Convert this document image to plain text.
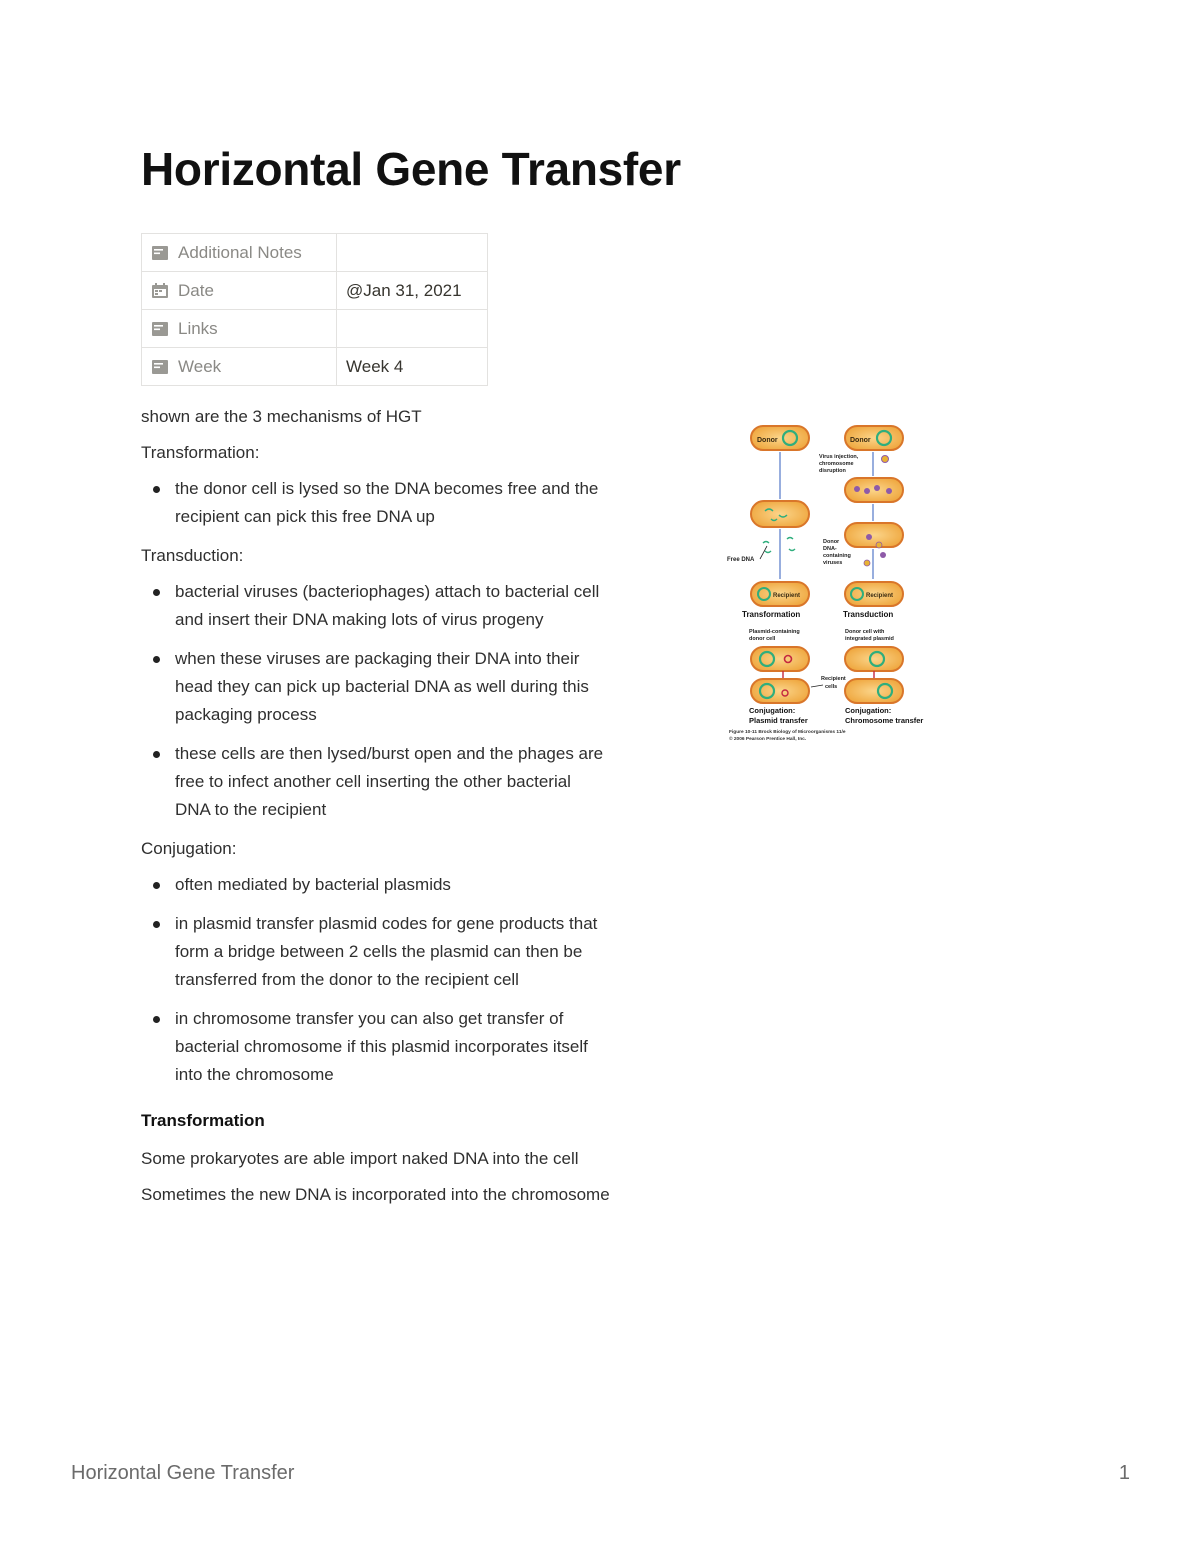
Horizontal Gene Transfer
Additional Notes	

Date	@Jan 31, 2021

Links	

Week	Week 4

shown are the 3 mechanisms of HGT

Transformation:

the donor cell is lysed so the DNA becomes free and the recipient can pick this free DNA up

Transduction:

bacterial viruses (bacteriophages) attach to bacterial cell and insert their DNA making lots of virus progeny
when these viruses are packaging their DNA into their head they can pick up bacterial DNA as well during this packaging process
these cells are then lysed/burst open and the phages are free to infect another cell inserting the other bacterial DNA to the recipient

Conjugation:

often mediated by bacterial plasmids
in plasmid transfer plasmid codes for gene products that form a bridge between 2 cells the plasmid can then be transferred from the donor to the recipient cell
in chromosome transfer you can also get transfer of bacterial chromosome if this plasmid incorporates itself into the chromosome
Transformation

Some prokaryotes are able import naked DNA into the cell

Sometimes the new DNA is incorporated into the chromosome

Donor
Free DNA
Recipient
Transformation
Donor
Virus injection,
chromosome
disruption
Donor
DNA-
containing
viruses
Recipient
Transduction
Plasmid-containing
donor cell
Recipient
cells
Conjugation:
Plasmid transfer
Donor cell with
integrated plasmid
Conjugation:
Chromosome transfer
Figure 10-11 Brock Biology of Microorganisms 11/e
© 2006 Pearson Prentice Hall, Inc.
Horizontal Gene Transfer	1
